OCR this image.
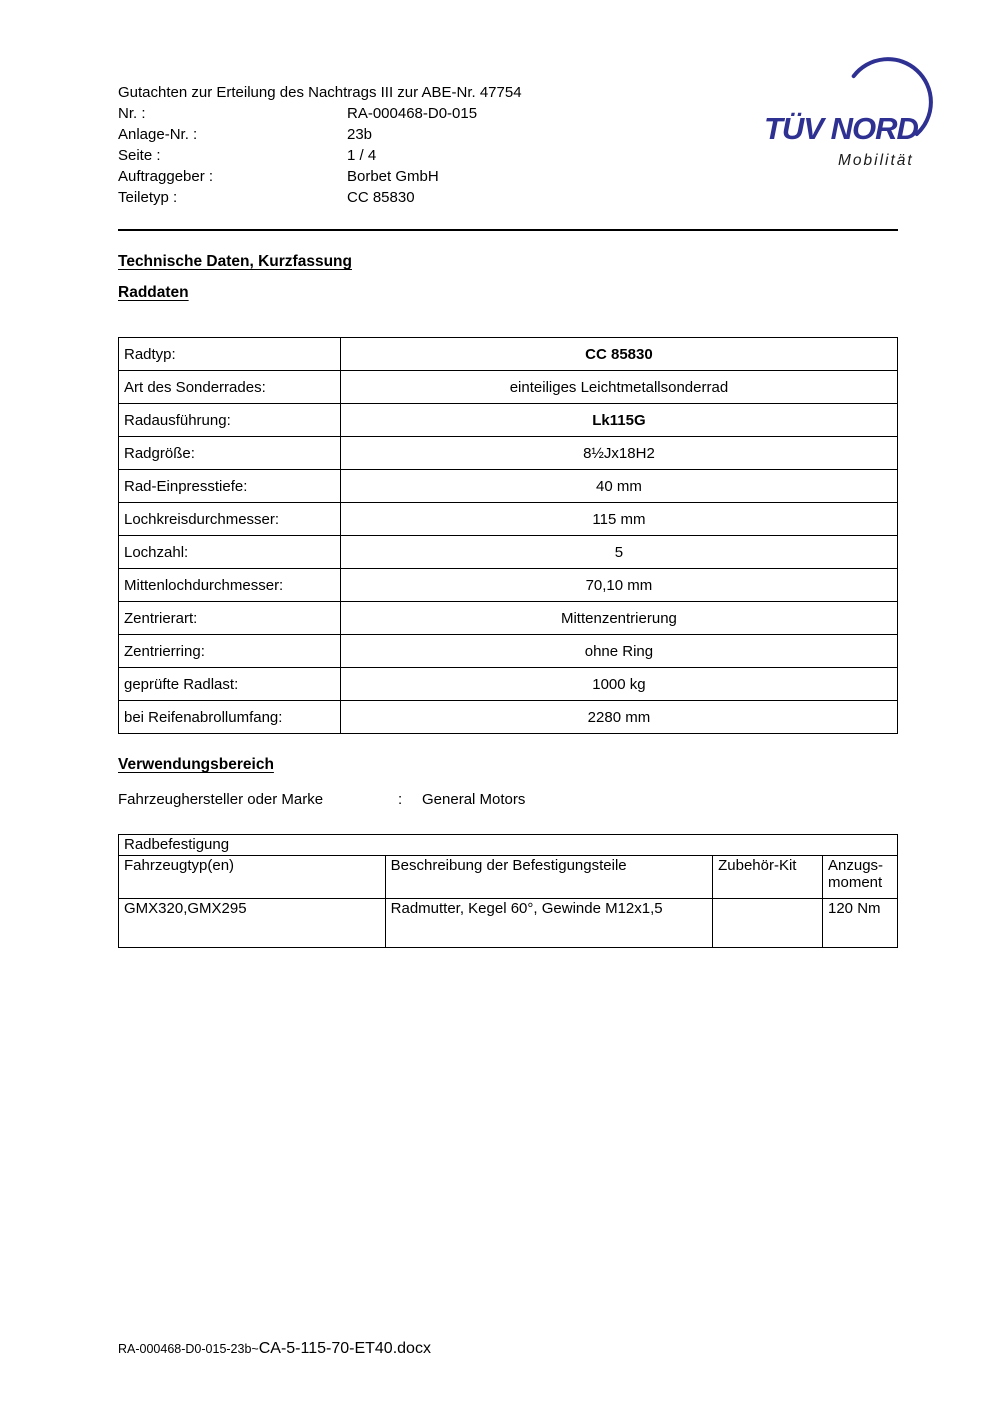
TÜV NORD
Mobilität
Gutachten zur Erteilung des Nachtrags III zur ABE-Nr. 47754
Nr. :	RA-000468-D0-015
Anlage-Nr. :	23b
Seite :	1 / 4
Auftraggeber :	Borbet GmbH
Teiletyp :	CC 85830
Technische Daten, Kurzfassung
Raddaten
Radtyp:	CC 85830
Art des Sonderrades:	einteiliges Leichtmetallsonderrad
Radausführung:	Lk115G
Radgröße:	8½Jx18H2
Rad-Einpresstiefe:	40 mm
Lochkreisdurchmesser:	115 mm
Lochzahl:	5
Mittenlochdurchmesser:	70,10 mm
Zentrierart:	Mittenzentrierung
Zentrierring:	ohne Ring
geprüfte Radlast:	1000 kg
bei Reifenabrollumfang:	2280 mm
Verwendungsbereich
Fahrzeughersteller oder Marke	:	General Motors
Radbefestigung			
Fahrzeugtyp(en)	Beschreibung der Befestigungsteile	Zubehör-Kit	Anzugs-moment
GMX320,GMX295	Radmutter, Kegel 60°, Gewinde M12x1,5		120 Nm
RA-000468-D0-015-23b~CA-5-115-70-ET40.docx
